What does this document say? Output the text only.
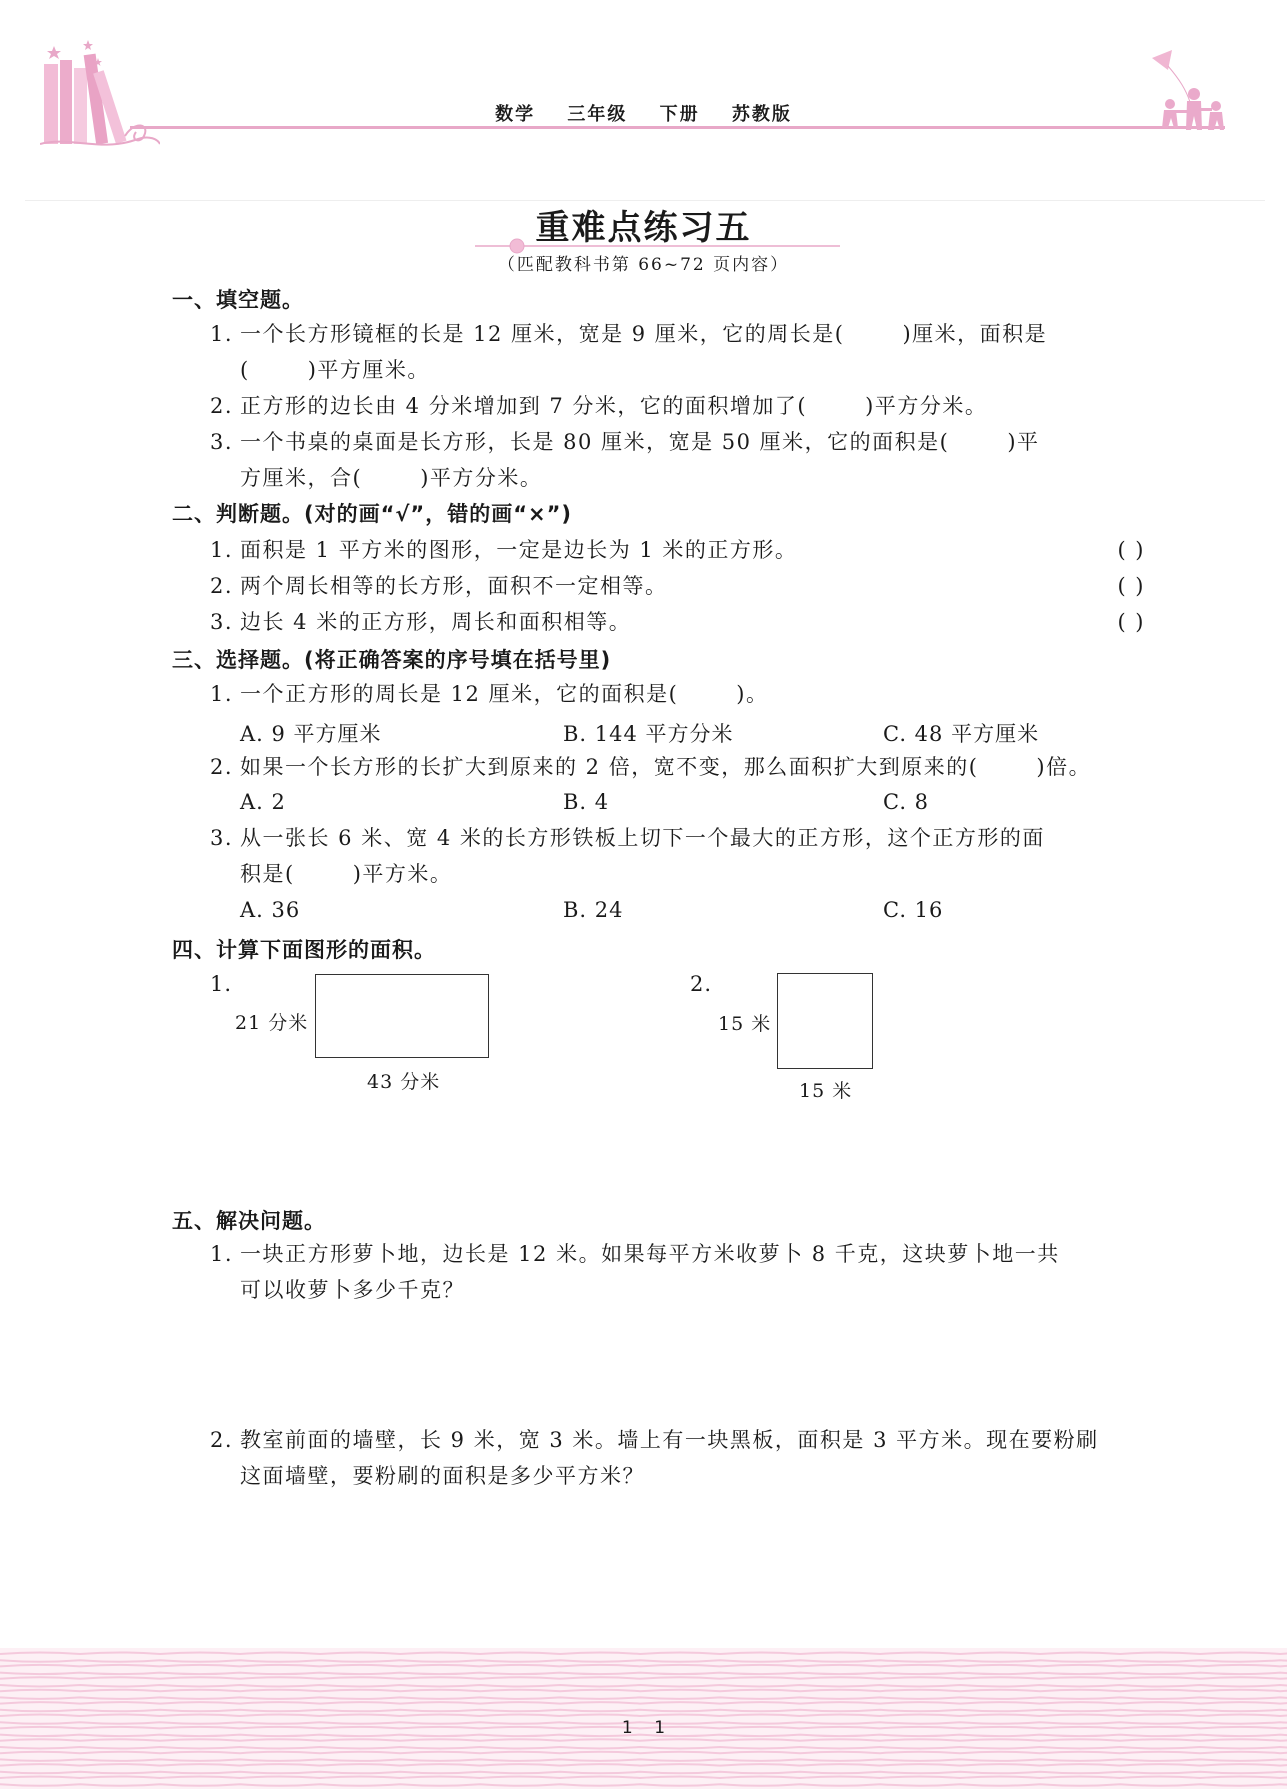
数学 三年级 下册 苏教版
重难点练习五
（匹配教科书第 66~72 页内容）
一、填空题。
1. 一个长方形镜框的长是 12 厘米，宽是 9 厘米，它的周长是(	)厘米，面积是
(	)平方厘米。
2. 正方形的边长由 4 分米增加到 7 分米，它的面积增加了(	)平方分米。
3. 一个书桌的桌面是长方形，长是 80 厘米，宽是 50 厘米，它的面积是(	)平
方厘米，合(	)平方分米。
二、判断题。(对的画“√”，错的画“×”)
1. 面积是 1 平方米的图形，一定是边长为 1 米的正方形。	( )
2. 两个周长相等的长方形，面积不一定相等。	( )
3. 边长 4 米的正方形，周长和面积相等。	( )
三、选择题。(将正确答案的序号填在括号里)
1. 一个正方形的周长是 12 厘米，它的面积是(	)。
A. 9 平方厘米	B. 144 平方分米	C. 48 平方厘米
2. 如果一个长方形的长扩大到原来的 2 倍，宽不变，那么面积扩大到原来的(	)倍。
A. 2	B. 4	C. 8
3. 从一张长 6 米、宽 4 米的长方形铁板上切下一个最大的正方形，这个正方形的面
积是(	)平方米。
A. 36	B. 24	C. 16
四、计算下面图形的面积。
1.
21 分米
43 分米
2.
15 米
15 米
五、解决问题。
1. 一块正方形萝卜地，边长是 12 米。如果每平方米收萝卜 8 千克，这块萝卜地一共
可以收萝卜多少千克？
2. 教室前面的墙壁，长 9 米，宽 3 米。墙上有一块黑板，面积是 3 平方米。现在要粉刷
这面墙壁，要粉刷的面积是多少平方米？
1    1
